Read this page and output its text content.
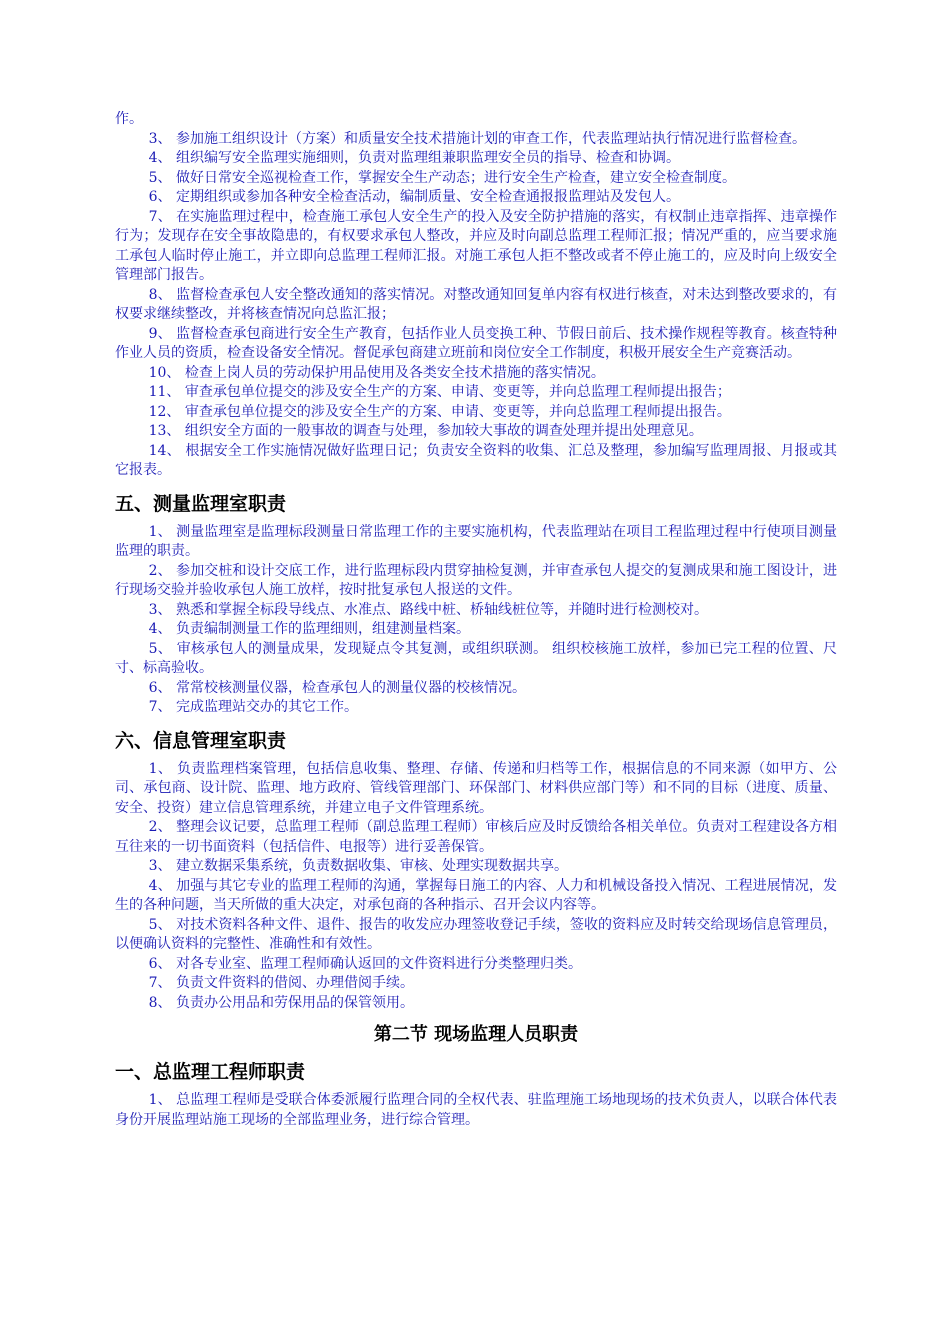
作。

3、 参加施工组织设计（方案）和质量安全技术措施计划的审查工作，代表监理站执行情况进行监督检查。

4、 组织编写安全监理实施细则，负责对监理组兼职监理安全员的指导、检查和协调。

5、 做好日常安全巡视检查工作，掌握安全生产动态；进行安全生产检查，建立安全检查制度。

6、 定期组织或参加各种安全检查活动，编制质量、安全检查通报报监理站及发包人。

7、 在实施监理过程中，检查施工承包人安全生产的投入及安全防护措施的落实，有权制止违章指挥、违章操作行为；发现存在安全事故隐患的，有权要求承包人整改，并应及时向副总监理工程师汇报；情况严重的，应当要求施工承包人临时停止施工，并立即向总监理工程师汇报。对施工承包人拒不整改或者不停止施工的，应及时向上级安全管理部门报告。

8、 监督检查承包人安全整改通知的落实情况。对整改通知回复单内容有权进行核查，对未达到整改要求的，有权要求继续整改，并将核查情况向总监汇报；

9、 监督检查承包商进行安全生产教育，包括作业人员变换工种、节假日前后、技术操作规程等教育。核查特种作业人员的资质，检查设备安全情况。督促承包商建立班前和岗位安全工作制度，积极开展安全生产竞赛活动。

10、 检查上岗人员的劳动保护用品使用及各类安全技术措施的落实情况。

11、 审查承包单位提交的涉及安全生产的方案、申请、变更等，并向总监理工程师提出报告；

12、 审查承包单位提交的涉及安全生产的方案、申请、变更等，并向总监理工程师提出报告。

13、 组织安全方面的一般事故的调查与处理，参加较大事故的调查处理并提出处理意见。

14、 根据安全工作实施情况做好监理日记；负责安全资料的收集、汇总及整理，参加编写监理周报、月报或其它报表。

五、测量监理室职责

1、 测量监理室是监理标段测量日常监理工作的主要实施机构，代表监理站在项目工程监理过程中行使项目测量监理的职责。

2、 参加交桩和设计交底工作，进行监理标段内贯穿抽检复测，并审查承包人提交的复测成果和施工图设计，进行现场交验并验收承包人施工放样，按时批复承包人报送的文件。

3、 熟悉和掌握全标段导线点、水准点、路线中桩、桥轴线桩位等，并随时进行检测校对。

4、 负责编制测量工作的监理细则，组建测量档案。

5、 审核承包人的测量成果，发现疑点令其复测，或组织联测。 组织校核施工放样，参加已完工程的位置、尺寸、标高验收。

6、 常常校核测量仪器，检查承包人的测量仪器的校核情况。

7、 完成监理站交办的其它工作。

六、信息管理室职责

1、 负责监理档案管理，包括信息收集、整理、存储、传递和归档等工作，根据信息的不同来源（如甲方、公司、承包商、设计院、监理、地方政府、管线管理部门、环保部门、材料供应部门等）和不同的目标（进度、质量、安全、投资）建立信息管理系统，并建立电子文件管理系统。

2、 整理会议记要，总监理工程师（副总监理工程师）审核后应及时反馈给各相关单位。负责对工程建设各方相互往来的一切书面资料（包括信件、电报等）进行妥善保管。

3、 建立数据采集系统，负责数据收集、审核、处理实现数据共享。

4、 加强与其它专业的监理工程师的沟通，掌握每日施工的内容、人力和机械设备投入情况、工程进展情况，发生的各种问题，当天所做的重大决定，对承包商的各种指示、召开会议内容等。

5、 对技术资料各种文件、退件、报告的收发应办理签收登记手续，签收的资料应及时转交给现场信息管理员，以便确认资料的完整性、准确性和有效性。

6、 对各专业室、监理工程师确认返回的文件资料进行分类整理归类。

7、 负责文件资料的借阅、办理借阅手续。

8、 负责办公用品和劳保用品的保管领用。

第二节 现场监理人员职责
一、总监理工程师职责

1、 总监理工程师是受联合体委派履行监理合同的全权代表、驻监理施工场地现场的技术负责人，以联合体代表身份开展监理站施工现场的全部监理业务，进行综合管理。
